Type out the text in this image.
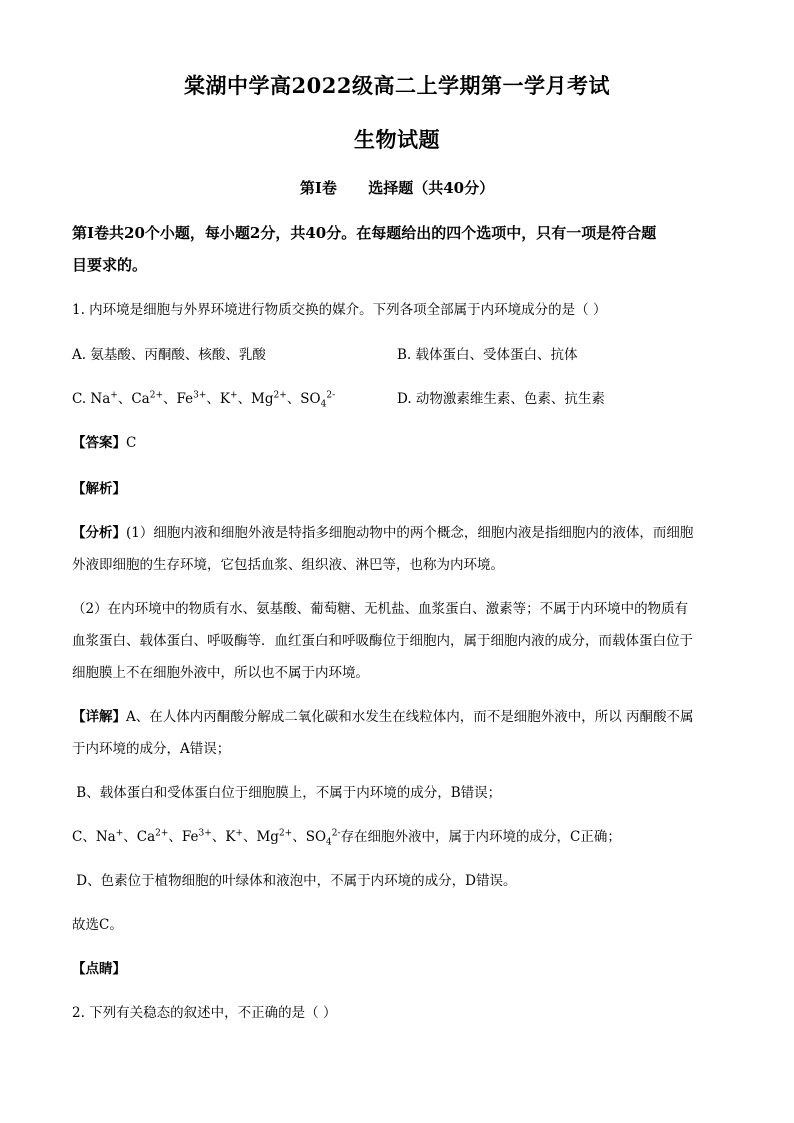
棠湖中学高2022级高二上学期第一学月考试
生物试题
第I卷      选择题（共40分）
第I卷共20个小题，每小题2分，共40分。在每题给出的四个选项中，只有一项是符合题
目要求的。
1. 内环境是细胞与外界环境进行物质交换的媒介。下列各项全部属于内环境成分的是（ ）
A. 氨基酸、丙酮酸、核酸、乳酸	B. 载体蛋白、受体蛋白、抗体
C. Na+、$Ca^{2+}$、$Fe^{3+}$、K+、$Mg^{2+}$、$SO_4^{2-}$	D. 动物激素维生素、色素、抗生素
【答案】C
【解析】
【分析】(1）细胞内液和细胞外液是特指多细胞动物中的两个概念，细胞内液是指细胞内的液体，而细胞
外液即细胞的生存环境，它包括血浆、组织液、淋巴等，也称为内环境。
（2）在内环境中的物质有水、氨基酸、葡萄糖、无机盐、血浆蛋白、激素等；不属于内环境中的物质有
血浆蛋白、载体蛋白、呼吸酶等．血红蛋白和呼吸酶位于细胞内，属于细胞内液的成分，而载体蛋白位于
细胞膜上不在细胞外液中，所以也不属于内环境。
【详解】A、在人体内丙酮酸分解成二氧化碳和水发生在线粒体内，而不是细胞外液中，所以 丙酮酸不属
于内环境的成分，A错误；
B、载体蛋白和受体蛋白位于细胞膜上，不属于内环境的成分，B错误；
C、Na+、$Ca^{2+}$、$Fe^{3+}$、K+、$Mg^{2+}$、$SO_4^{2-}$存在细胞外液中，属于内环境的成分，C正确；
D、色素位于植物细胞的叶绿体和液泡中，不属于内环境的成分，D错误。
故选C。
【点睛】
2. 下列有关稳态的叙述中，不正确的是（ ）
